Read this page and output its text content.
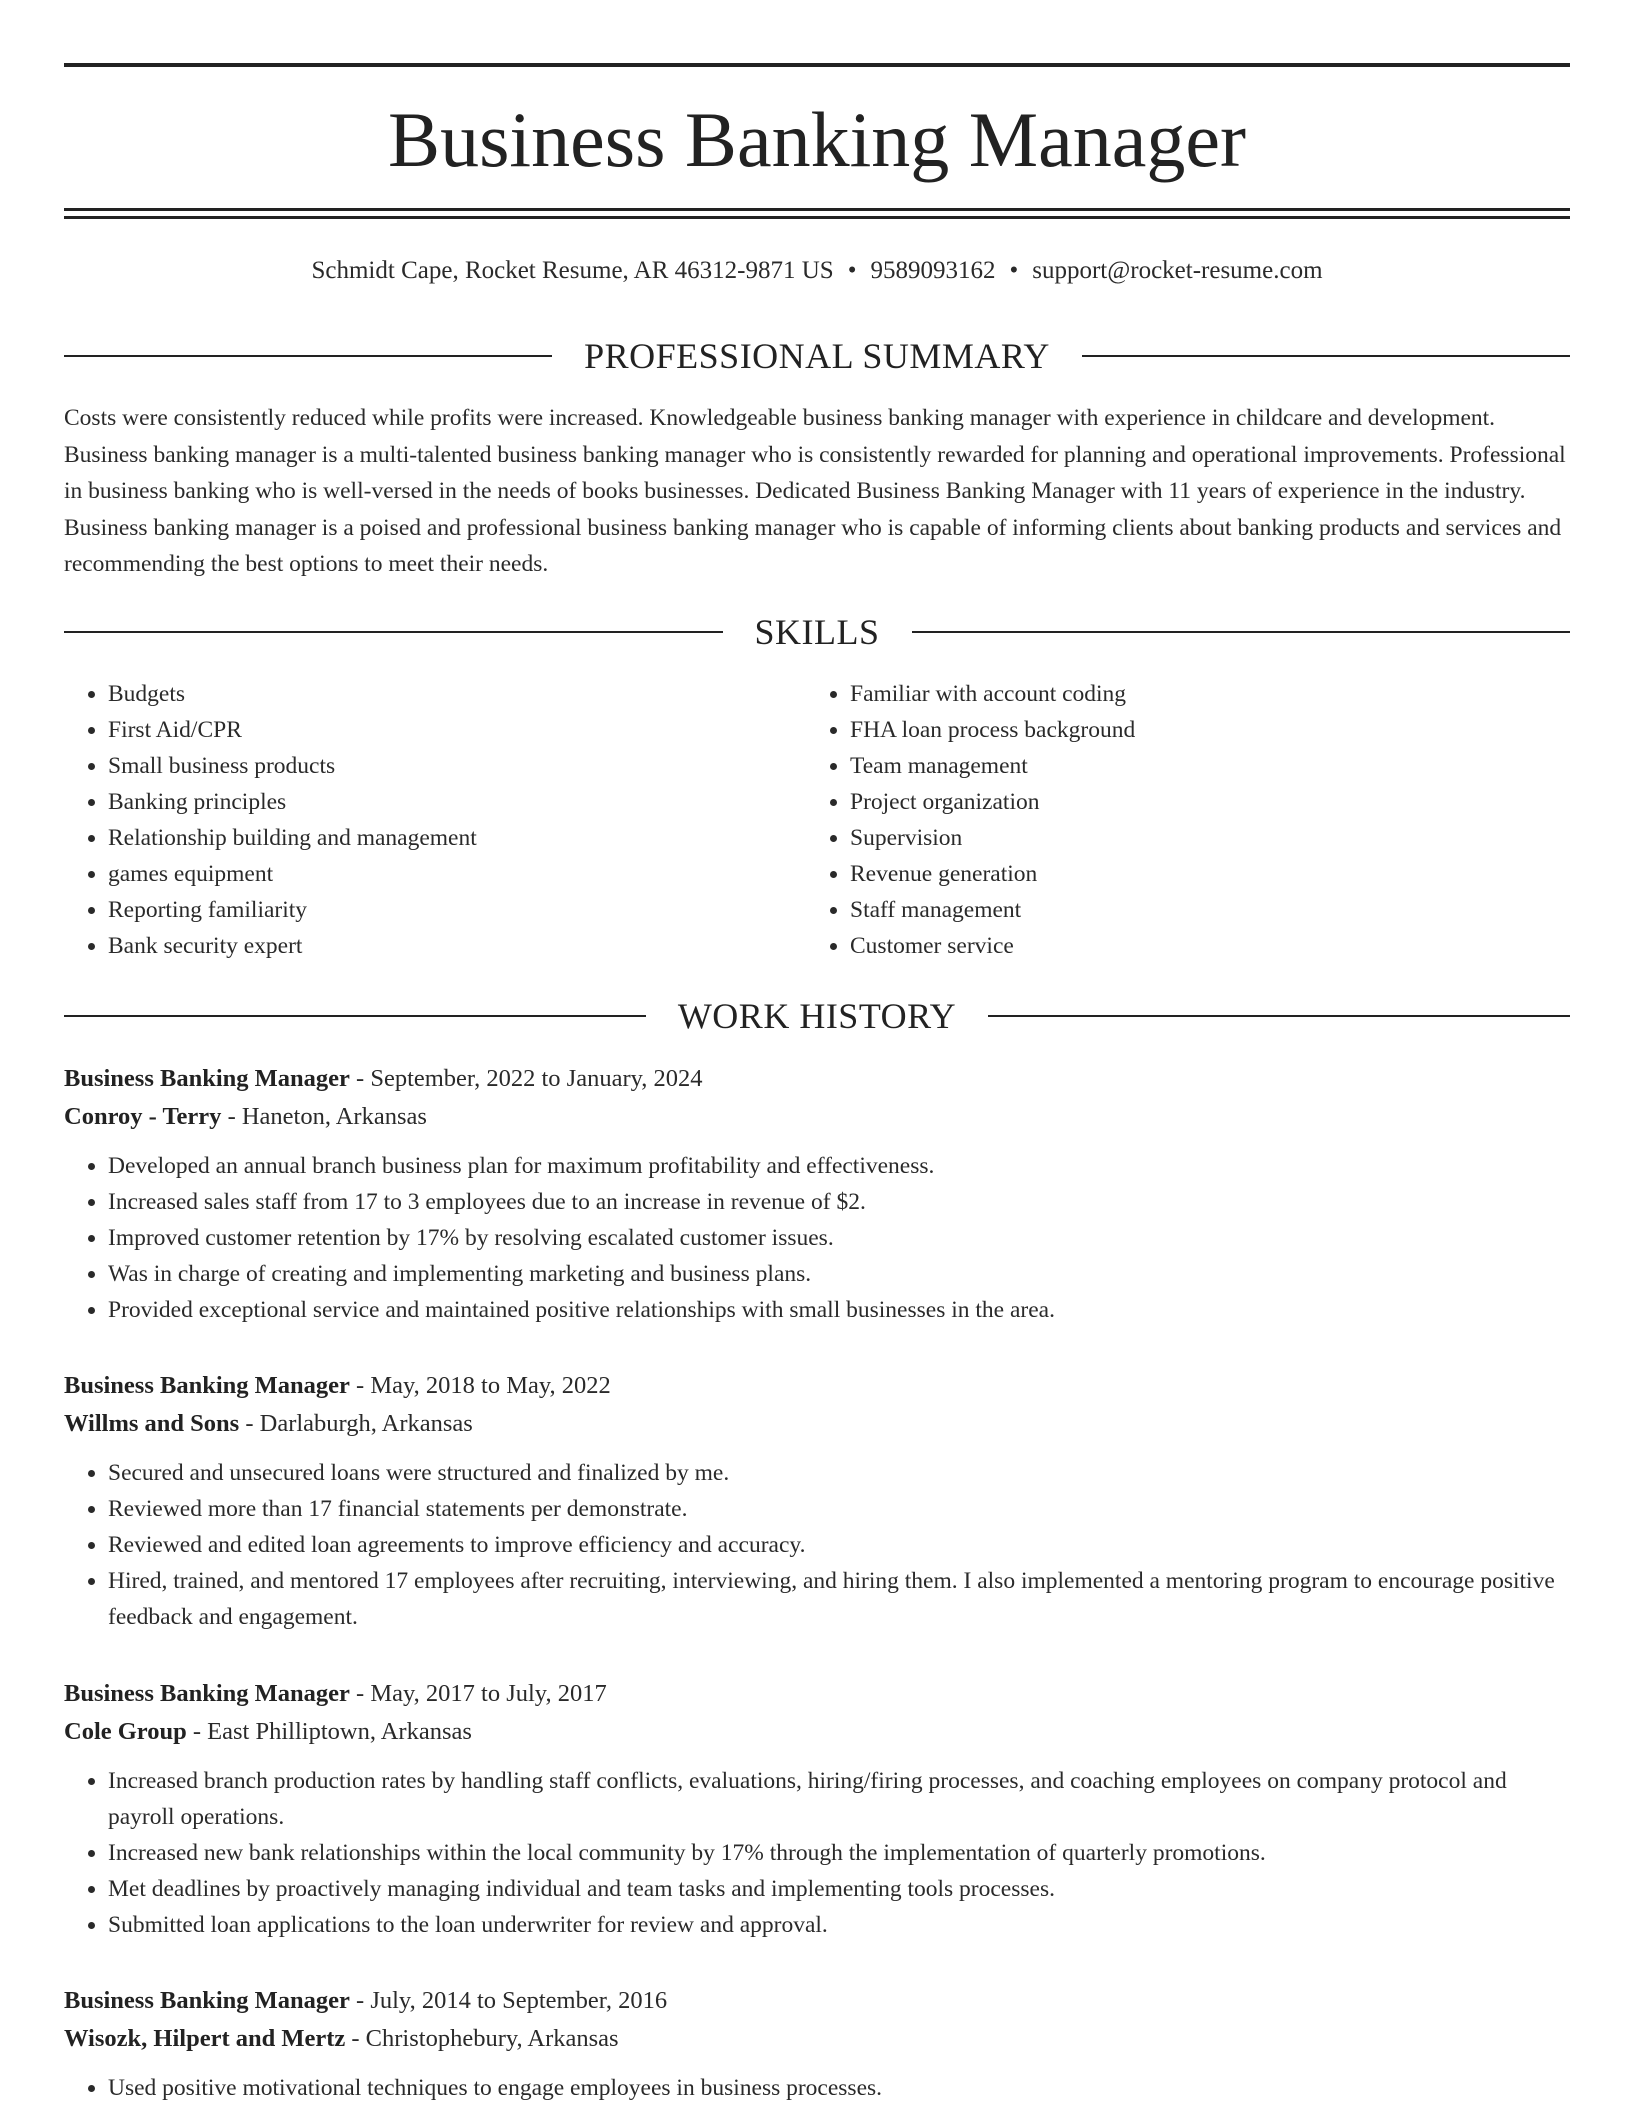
Business Banking Manager
Schmidt Cape, Rocket Resume, AR 46312-9871 US • 9589093162 • support@rocket-resume.com
PROFESSIONAL SUMMARY

Costs were consistently reduced while profits were increased. Knowledgeable business banking manager with experience in childcare and development. Business banking manager is a multi-talented business banking manager who is consistently rewarded for planning and operational improvements. Professional in business banking who is well-versed in the needs of books businesses. Dedicated Business Banking Manager with 11 years of experience in the industry. Business banking manager is a poised and professional business banking manager who is capable of informing clients about banking products and services and recommending the best options to meet their needs.

SKILLS
• Budgets
• First Aid/CPR
• Small business products
• Banking principles
• Relationship building and management
• games equipment
• Reporting familiarity
• Bank security expert
• Familiar with account coding
• FHA loan process background
• Team management
• Project organization
• Supervision
• Revenue generation
• Staff management
• Customer service
WORK HISTORY

Business Banking Manager - September, 2022 to January, 2024

Conroy - Terry - Haneton, Arkansas

• Developed an annual branch business plan for maximum profitability and effectiveness.
• Increased sales staff from 17 to 3 employees due to an increase in revenue of $2.
• Improved customer retention by 17% by resolving escalated customer issues.
• Was in charge of creating and implementing marketing and business plans.
• Provided exceptional service and maintained positive relationships with small businesses in the area.

Business Banking Manager - May, 2018 to May, 2022

Willms and Sons - Darlaburgh, Arkansas

• Secured and unsecured loans were structured and finalized by me.
• Reviewed more than 17 financial statements per demonstrate.
• Reviewed and edited loan agreements to improve efficiency and accuracy.
• Hired, trained, and mentored 17 employees after recruiting, interviewing, and hiring them. I also implemented a mentoring program to encourage positive feedback and engagement.

Business Banking Manager - May, 2017 to July, 2017

Cole Group - East Philliptown, Arkansas

• Increased branch production rates by handling staff conflicts, evaluations, hiring/firing processes, and coaching employees on company protocol and payroll operations.
• Increased new bank relationships within the local community by 17% through the implementation of quarterly promotions.
• Met deadlines by proactively managing individual and team tasks and implementing tools processes.
• Submitted loan applications to the loan underwriter for review and approval.

Business Banking Manager - July, 2014 to September, 2016

Wisozk, Hilpert and Mertz - Christophebury, Arkansas

• Used positive motivational techniques to engage employees in business processes.
